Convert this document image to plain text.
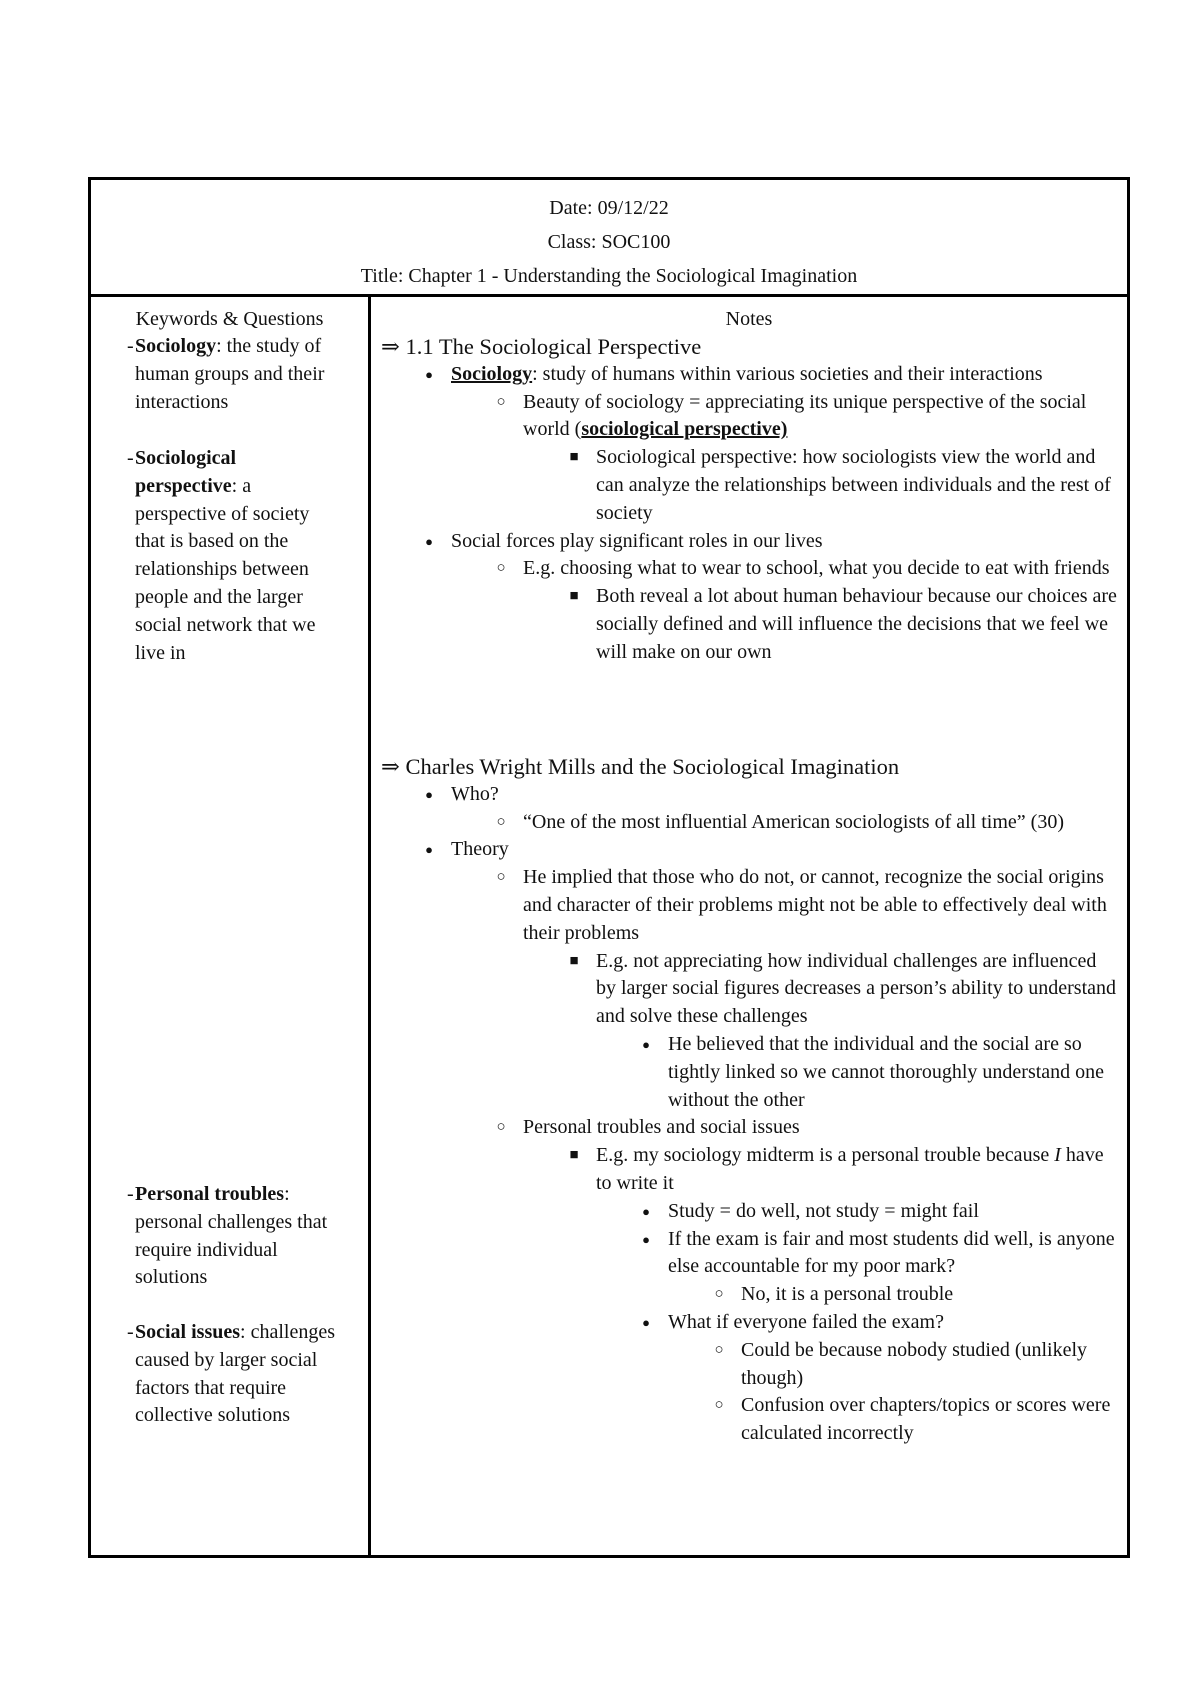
Date: 09/12/22
Class: SOC100
Title: Chapter 1 - Understanding the Sociological Imagination
Keywords & Questions
- Sociology: the study of human groups and their interactions

- Sociological perspective: a perspective of society that is based on the relationships between people and the larger social network that we live in

- Personal troubles: personal challenges that require individual solutions

- Social issues: challenges caused by larger social factors that require collective solutions

Notes

⇒ 1.1 The Sociological Perspective

● Sociology: study of humans within various societies and their interactions

○ Beauty of sociology = appreciating its unique perspective of the social world (sociological perspective)

■ Sociological perspective: how sociologists view the world and can analyze the relationships between individuals and the rest of society

● Social forces play significant roles in our lives

○ E.g. choosing what to wear to school, what you decide to eat with friends

■ Both reveal a lot about human behaviour because our choices are socially defined and will influence the decisions that we feel we will make on our own

⇒ Charles Wright Mills and the Sociological Imagination

● Who?

○ “One of the most influential American sociologists of all time” (30)

● Theory

○ He implied that those who do not, or cannot, recognize the social origins and character of their problems might not be able to effectively deal with their problems

■ E.g. not appreciating how individual challenges are influenced by larger social figures decreases a person’s ability to understand and solve these challenges

● He believed that the individual and the social are so tightly linked so we cannot thoroughly understand one without the other

○ Personal troubles and social issues

■ E.g. my sociology midterm is a personal trouble because I have to write it

● Study = do well, not study = might fail

● If the exam is fair and most students did well, is anyone else accountable for my poor mark?

○ No, it is a personal trouble

● What if everyone failed the exam?

○ Could be because nobody studied (unlikely though)

○ Confusion over chapters/topics or scores were calculated incorrectly
